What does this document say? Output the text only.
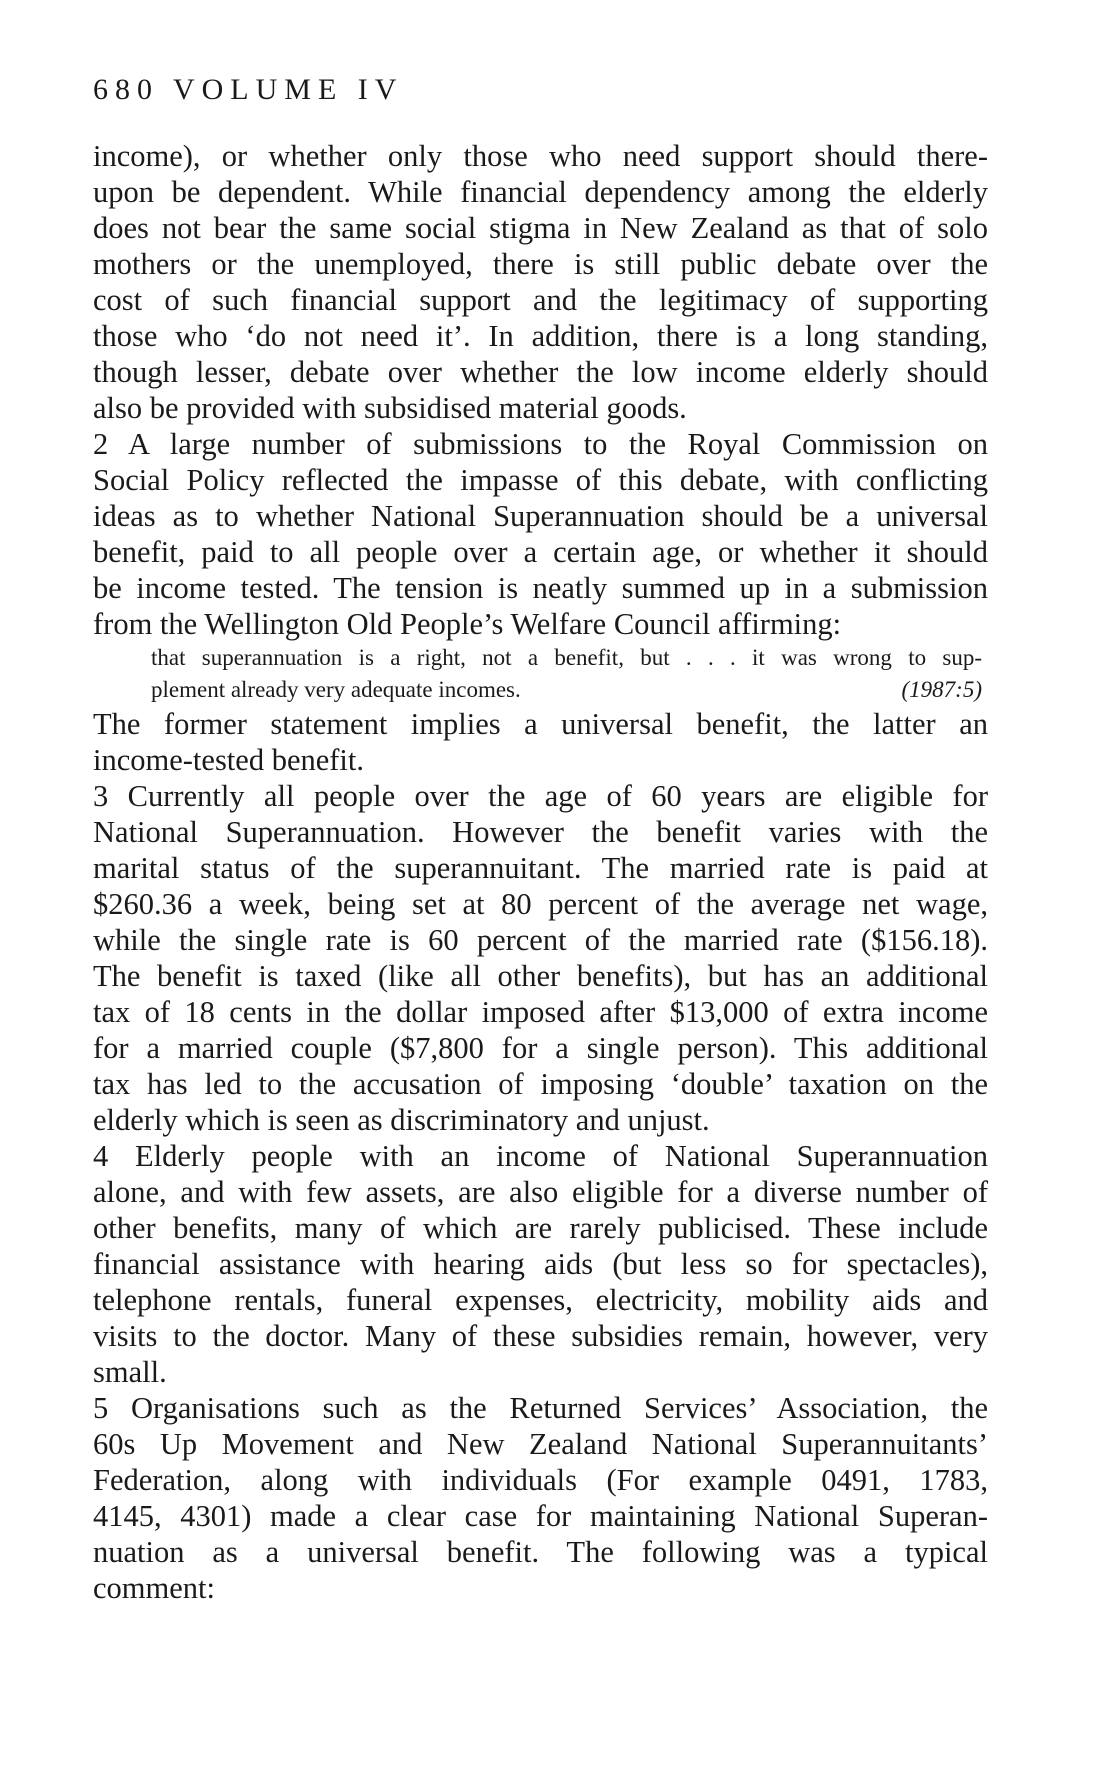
680 VOLUME IV
income), or whether only those who need support should there-
upon be dependent. While financial dependency among the elderly
does not bear the same social stigma in New Zealand as that of solo
mothers or the unemployed, there is still public debate over the
cost of such financial support and the legitimacy of supporting
those who ‘do not need it’. In addition, there is a long standing,
though lesser, debate over whether the low income elderly should
also be provided with subsidised material goods.
2 A large number of submissions to the Royal Commission on
Social Policy reflected the impasse of this debate, with conflicting
ideas as to whether National Superannuation should be a universal
benefit, paid to all people over a certain age, or whether it should
be income tested. The tension is neatly summed up in a submission
from the Wellington Old People’s Welfare Council affirming:
that superannuation is a right, not a benefit, but . . . it was wrong to sup-
plement already very adequate incomes.	(1987:5)
The former statement implies a universal benefit, the latter an
income-tested benefit.
3 Currently all people over the age of 60 years are eligible for
National Superannuation. However the benefit varies with the
marital status of the superannuitant. The married rate is paid at
$260.36 a week, being set at 80 percent of the average net wage,
while the single rate is 60 percent of the married rate ($156.18).
The benefit is taxed (like all other benefits), but has an additional
tax of 18 cents in the dollar imposed after $13,000 of extra income
for a married couple ($7,800 for a single person). This additional
tax has led to the accusation of imposing ‘double’ taxation on the
elderly which is seen as discriminatory and unjust.
4 Elderly people with an income of National Superannuation
alone, and with few assets, are also eligible for a diverse number of
other benefits, many of which are rarely publicised. These include
financial assistance with hearing aids (but less so for spectacles),
telephone rentals, funeral expenses, electricity, mobility aids and
visits to the doctor. Many of these subsidies remain, however, very
small.
5 Organisations such as the Returned Services’ Association, the
60s Up Movement and New Zealand National Superannuitants’
Federation, along with individuals (For example 0491, 1783,
4145, 4301) made a clear case for maintaining National Superan-
nuation as a universal benefit. The following was a typical
comment:
